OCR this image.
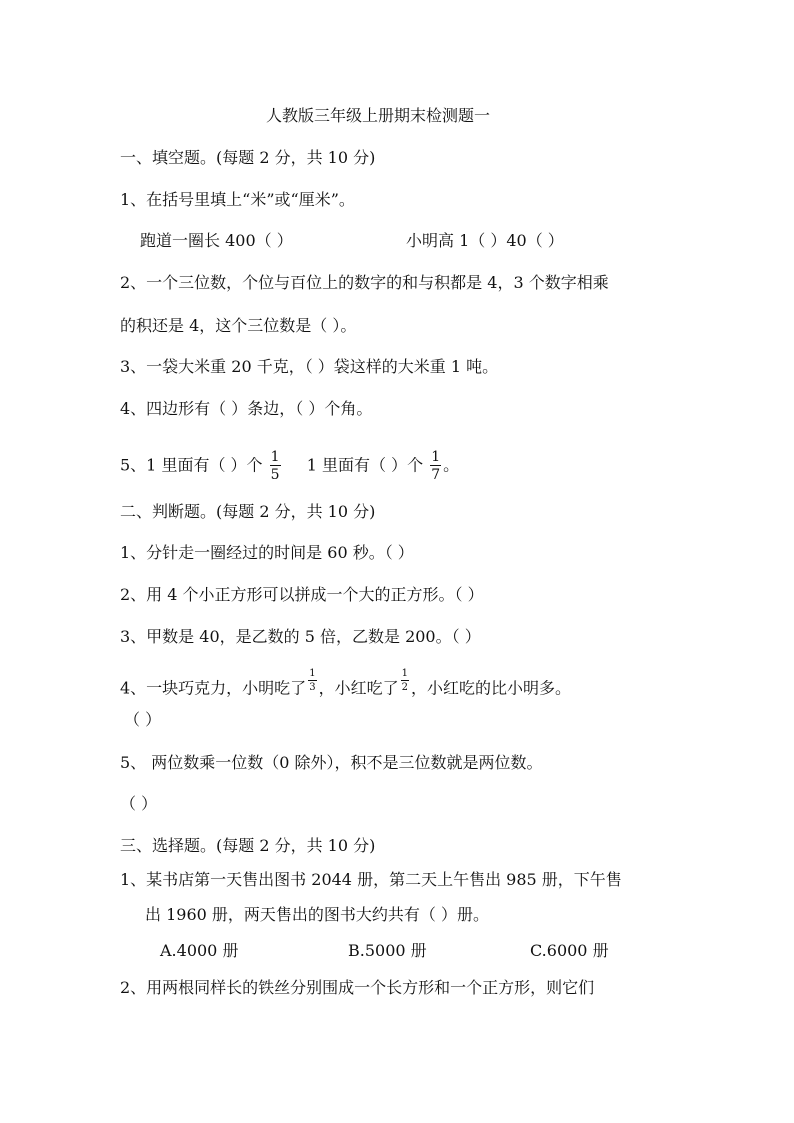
人教版三年级上册期末检测题一
一、填空题。(每题 2 分，共 10 分)
1、在括号里填上“米”或“厘米”。
跑道一圈长 400（ ）	小明高 1（ ）40（ ）
2、一个三位数，个位与百位上的数字的和与积都是 4，3 个数字相乘
的积还是 4，这个三位数是（ ）。
3、一袋大米重 20 千克，（ ）袋这样的大米重 1 吨。
4、四边形有（ ）条边，（ ）个角。
5、1 里面有（ ）个 $\frac{1}{5} 1$ 里面有（ ）个 $\frac{1}{7}$ 。
二、判断题。(每题 2 分，共 10 分)
1、分针走一圈经过的时间是 60 秒。（ ）
2、用 4 个小正方形可以拼成一个大的正方形。（ ）
3、甲数是 40，是乙数的 5 倍，乙数是 200。（ ）
4、一块巧克力，小明吃了 $\frac{1}{3}$ ，小红吃了 $\frac{1}{2}$ ，小红吃的比小明多。
（ ）
5、 两位数乘一位数（0 除外），积不是三位数就是两位数。
（ ）
三、选择题。(每题 2 分，共 10 分)
1、某书店第一天售出图书 2044 册，第二天上午售出 985 册，下午售
出 1960 册，两天售出的图书大约共有（ ）册。
A.4000 册	B.5000 册	C.6000 册
2、用两根同样长的铁丝分别围成一个长方形和一个正方形，则它们
